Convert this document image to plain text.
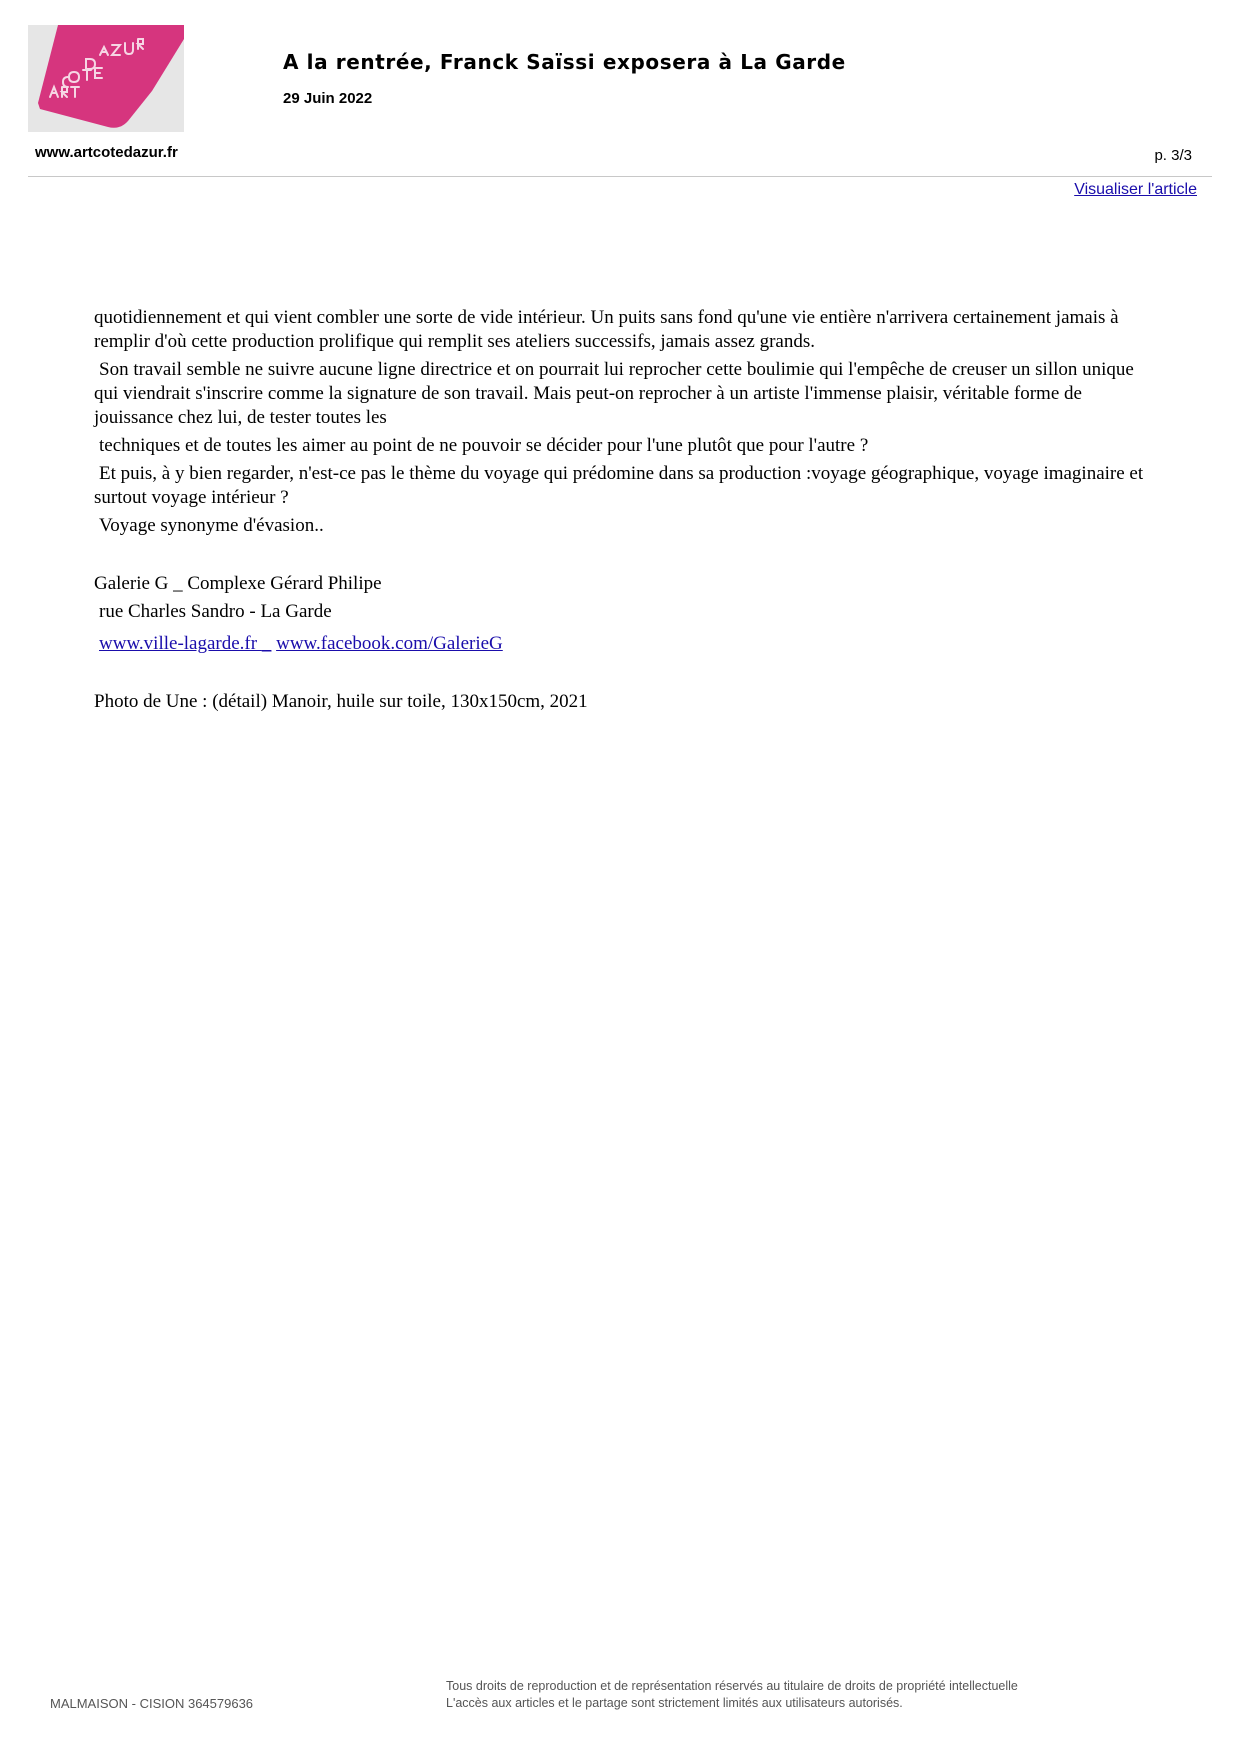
A la rentrée, Franck Saïssi exposera à La Garde
29 Juin 2022
www.artcotedazur.fr	p. 3/3
Visualiser l'article

quotidiennement et qui vient combler une sorte de vide intérieur. Un puits sans fond qu'une vie entière n'arrivera certainement jamais à remplir d'où cette production prolifique qui remplit ses ateliers successifs, jamais assez grands.

Son travail semble ne suivre aucune ligne directrice et on pourrait lui reprocher cette boulimie qui l'empêche de creuser un sillon unique qui viendrait s'inscrire comme la signature de son travail. Mais peut-on reprocher à un artiste l'immense plaisir, véritable forme de jouissance chez lui, de tester toutes les

techniques et de toutes les aimer au point de ne pouvoir se décider pour l'une plutôt que pour l'autre ?

Et puis, à y bien regarder, n'est-ce pas le thème du voyage qui prédomine dans sa production :voyage géographique, voyage imaginaire et surtout voyage intérieur ?

Voyage synonyme d'évasion..

Galerie G _ Complexe Gérard Philipe

rue Charles Sandro - La Garde

www.ville-lagarde.fr _ www.facebook.com/GalerieG

Photo de Une : (détail) Manoir, huile sur toile, 130x150cm, 2021

MALMAISON - CISION 364579636
Tous droits de reproduction et de représentation réservés au titulaire de droits de propriété intellectuelle
L'accès aux articles et le partage sont strictement limités aux utilisateurs autorisés.
